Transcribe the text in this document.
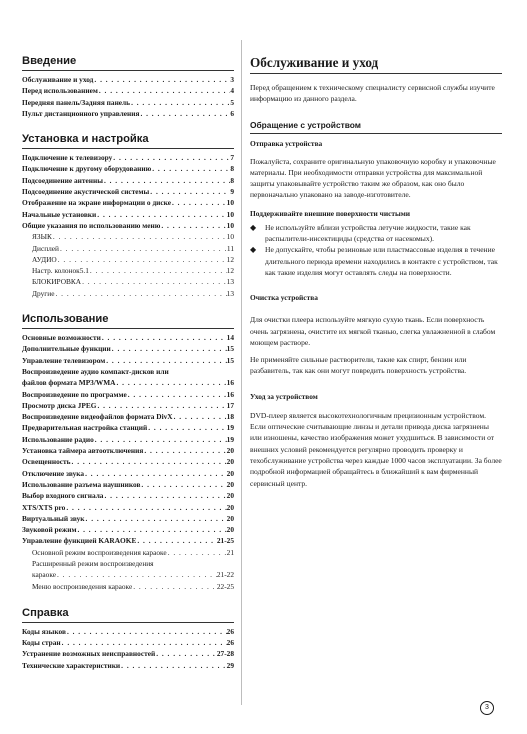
Введение
Обслуживание и уход . . .	3
Перед использованием . . .	4
Передняя панель/Задняя панель . . .	5
Пульт дистанционного управления . . .	6
Установка и настройка
Подключение к телевизору . . .	7
Подключение к другому оборудованию . . .	8
Подсоединение антенны . . .	8
Подсоединение акустической системы . . .	9
Отображение на экране информации о диске . . .	10
Начальные установки . . .	10
Общие указания по использованию меню . . .	10
ЯЗЫК . . .	10
Дисплей . . .	11
АУДИО . . .	12
Настр. колонок5.1 . . .	12
БЛОКИРОВКА . . .	13
Другие . . .	13
Использование
Основные возможности . . .	14
Дополнительные функции . . .	15
Управление телевизором . . .	15
Воспроизведение аудио компакт-дисков или
файлов формата MP3/WMA . . .	16
Воспроизведение по программе . . .	16
Просмотр диска JPEG . . .	17
Воспроизведение видеофайлов формата DivX . . .	18
Предварительная настройка станций . . .	19
Использование радио . . .	19
Установка таймера автоотключения . . .	20
Освещенность . . .	20
Отключение звука . . .	20
Использование разъема наушников . . .	20
Выбор входного сигнала . . .	20
XTS/XTS pro . . .	20
Виртуальный звук . . .	20
Звуковой режим . . .	20
Управление функцией KARAOKE . . .	21-25
Основной режим воспроизведения караоке . . .	21
Расширенный режим воспроизведения
караоке . . .	21-22
Меню воспроизведения караоке . . .	22-25
Справка
Коды языков . . .	26
Коды стран . . .	26
Устранение возможных неисправностей . . .	27-28
Технические характеристики . . .	29
Обслуживание и уход

Перед обращением к техническому специалисту сервисной службы изучите информацию из данного раздела.

Обращение с устройством

Отправка устройства

Пожалуйста, сохраните оригинальную упаковочную коробку и упаковочные материалы. При необходимости отправки устройства для максимальной защиты упаковывайте устройство таким же образом, как оно было первоначально упаковано на заводе-изготовителе.

Поддерживайте внешние поверхности чистыми

◆ Не используйте вблизи устройства летучие жидкости, такие как распылители-инсектициды (средства от насекомых).
◆ Не допускайте, чтобы резиновые или пластмассовые изделия в течение длительного периода времени находились в контакте с устройством, так как такие изделия могут оставлять следы на поверхности.

Очистка устройства

Для очистки плеера используйте мягкую сухую ткань. Если поверхность очень загрязнена, очистите их мягкой тканью, слегка увлажненной в слабом моющем растворе.

Не применяйте сильные растворители, такие как спирт, бензин или разбавитель, так как они могут повредить поверхность устройства.

Уход за устройством

DVD-плеер является высокотехнологичным прецизионным устройством. Если оптические считывающие линзы и детали привода диска загрязнены или изношены, качество изображения может ухудшиться. В зависимости от внешних условий рекомендуется регулярно проводить проверку и техобслуживание устройства через каждые 1000 часов эксплуатации. За более подробной информацией обращайтесь в ближайший к вам фирменный сервисный центр.

3
